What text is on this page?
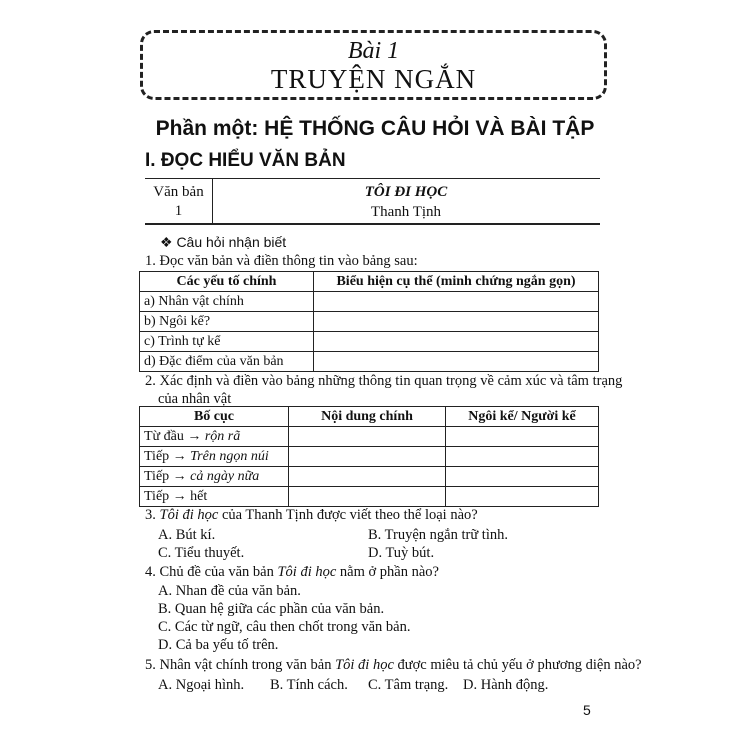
Bài 1
TRUYỆN NGẮN
Phần một: HỆ THỐNG CÂU HỎI VÀ BÀI TẬP
I. ĐỌC HIỂU VĂN BẢN
Văn bản
1
TÔI ĐI HỌC
Thanh Tịnh
❖ Câu hỏi nhận biết
1. Đọc văn bản và điền thông tin vào bảng sau:
Các yếu tố chính	Biểu hiện cụ thể (minh chứng ngắn gọn)
a) Nhân vật chính	
b) Ngôi kể?	
c) Trình tự kể	
d) Đặc điểm của văn bản	
2. Xác định và điền vào bảng những thông tin quan trọng về cảm xúc và tâm trạng
của nhân vật
Bố cục	Nội dung chính	Ngôi kể/ Người kể
Từ đầu → rộn rã		
Tiếp → Trên ngọn núi		
Tiếp → cả ngày nữa		
Tiếp → hết		
3. Tôi đi học của Thanh Tịnh được viết theo thể loại nào?
A. Bút kí.	B. Truyện ngắn trữ tình.
C. Tiểu thuyết.	D. Tuỳ bút.
4. Chủ đề của văn bản Tôi đi học nằm ở phần nào?
A. Nhan đề của văn bản.
B. Quan hệ giữa các phần của văn bản.
C. Các từ ngữ, câu then chốt trong văn bản.
D. Cả ba yếu tố trên.
5. Nhân vật chính trong văn bản Tôi đi học được miêu tả chủ yếu ở phương diện nào?
A. Ngoại hình. B. Tính cách. C. Tâm trạng. D. Hành động.
5
